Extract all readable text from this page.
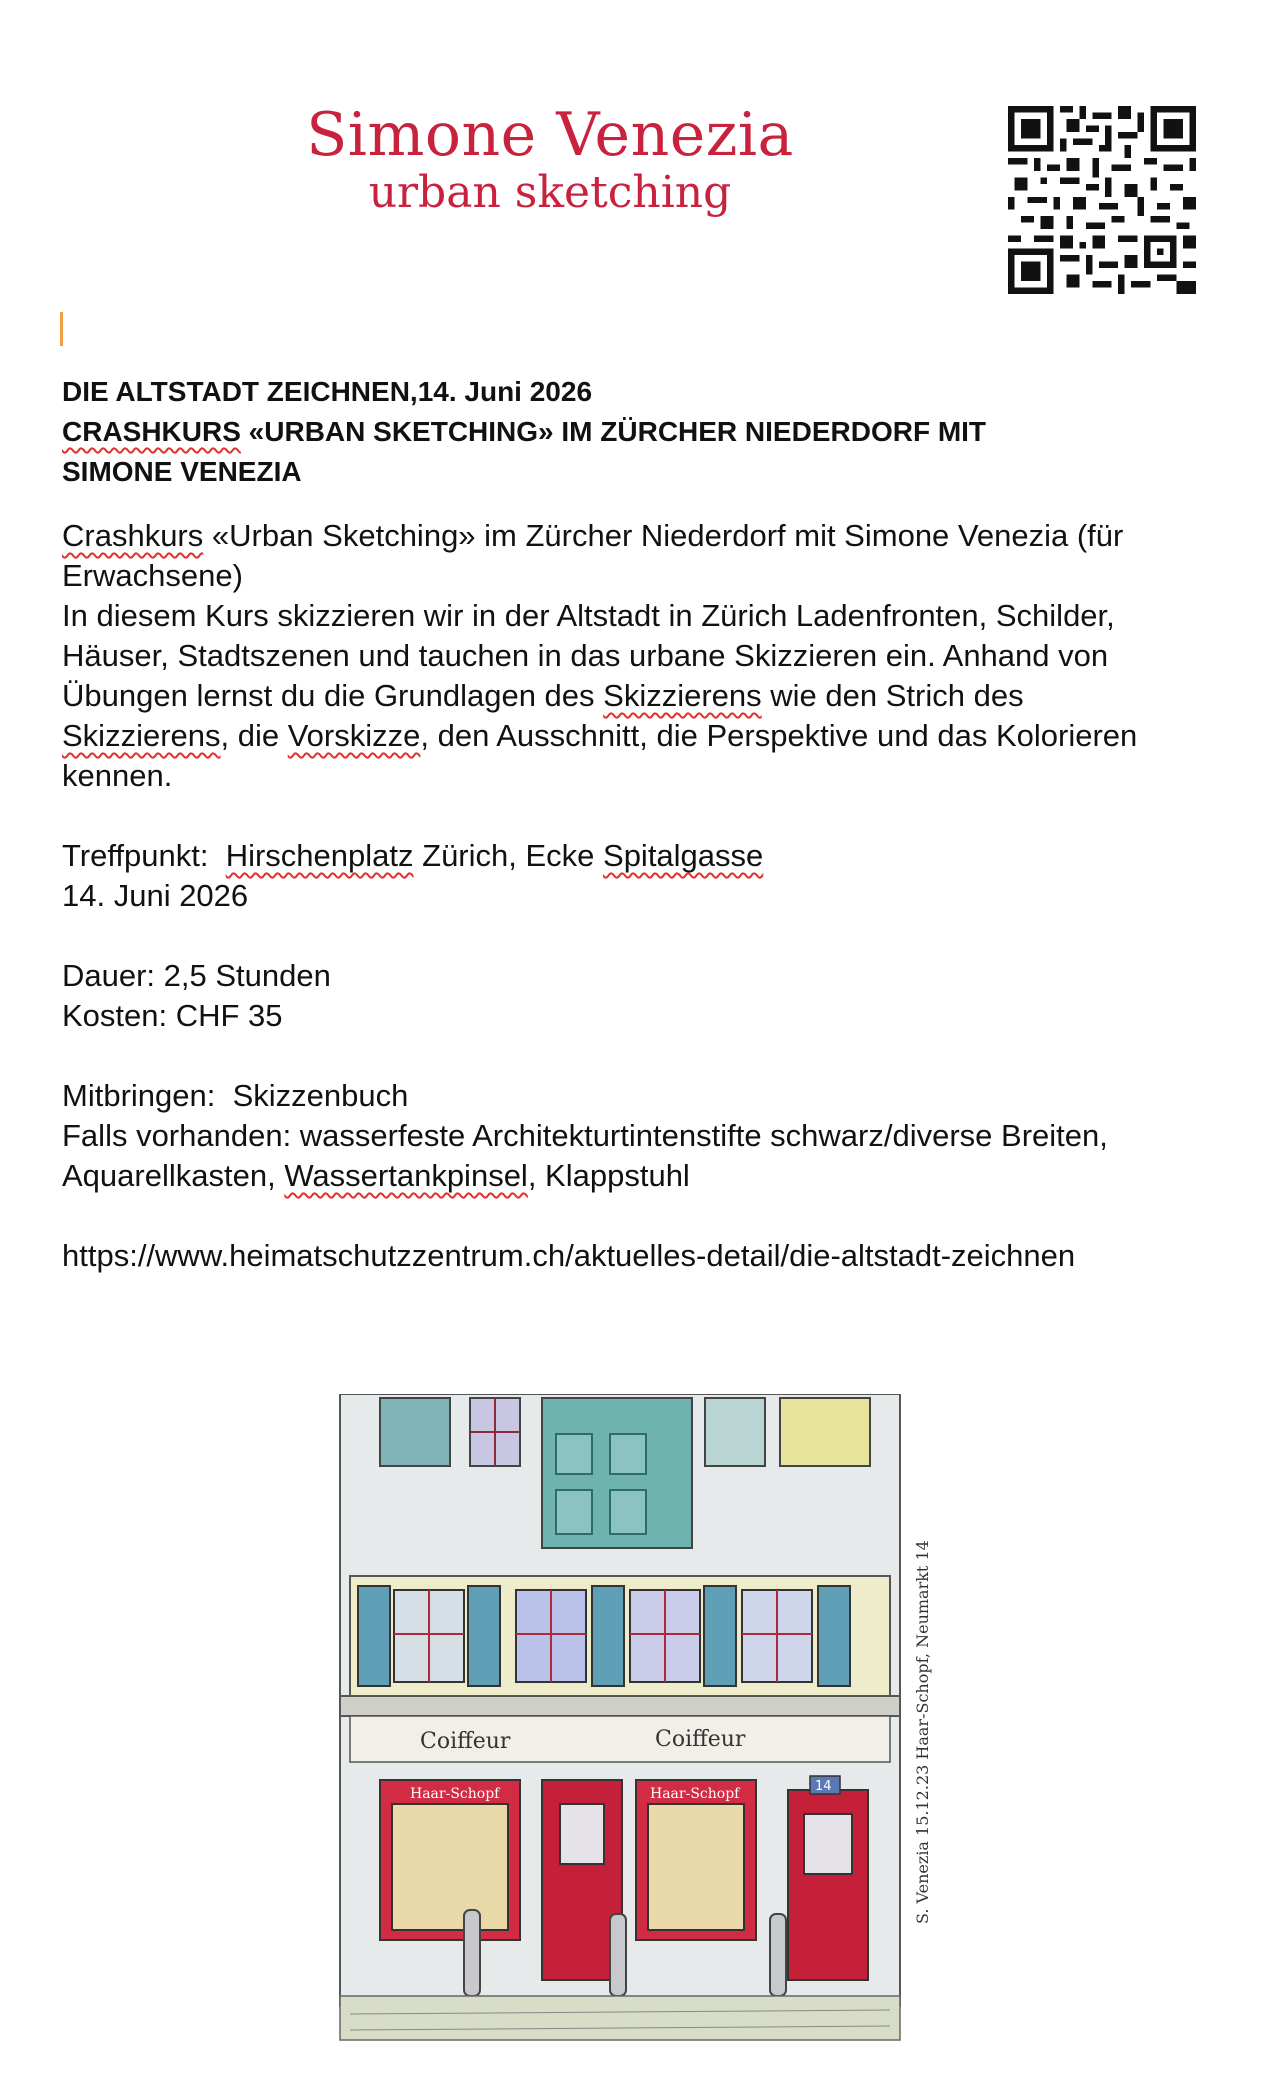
Simone Venezia
urban sketching
DIE ALTSTADT ZEICHNEN,14. Juni 2026
CRASHKURS «URBAN SKETCHING» IM ZÜRCHER NIEDERDORF MIT
SIMONE VENEZIA

Crashkurs «Urban Sketching» im Zürcher Niederdorf mit Simone Venezia (für

Erwachsene)

In diesem Kurs skizzieren wir in der Altstadt in Zürich Ladenfronten, Schilder,

Häuser, Stadtszenen und tauchen in das urbane Skizzieren ein. Anhand von

Übungen lernst du die Grundlagen des Skizzierens wie den Strich des

Skizzierens, die Vorskizze, den Ausschnitt, die Perspektive und das Kolorieren

kennen.

Treffpunkt:  Hirschenplatz Zürich, Ecke Spitalgasse

14. Juni 2026

Dauer: 2,5 Stunden

Kosten: CHF 35

Mitbringen:  Skizzenbuch

Falls vorhanden: wasserfeste Architekturtintenstifte schwarz/diverse Breiten,

Aquarellkasten, Wassertankpinsel, Klappstuhl

https://www.heimatschutzzentrum.ch/aktuelles-detail/die-altstadt-zeichnen

Coiffeur	Coiffeur
Haar-Schopf	Haar-Schopf	14	S. Venezia 15.12.23 Haar-Schopf, Neumarkt 14
